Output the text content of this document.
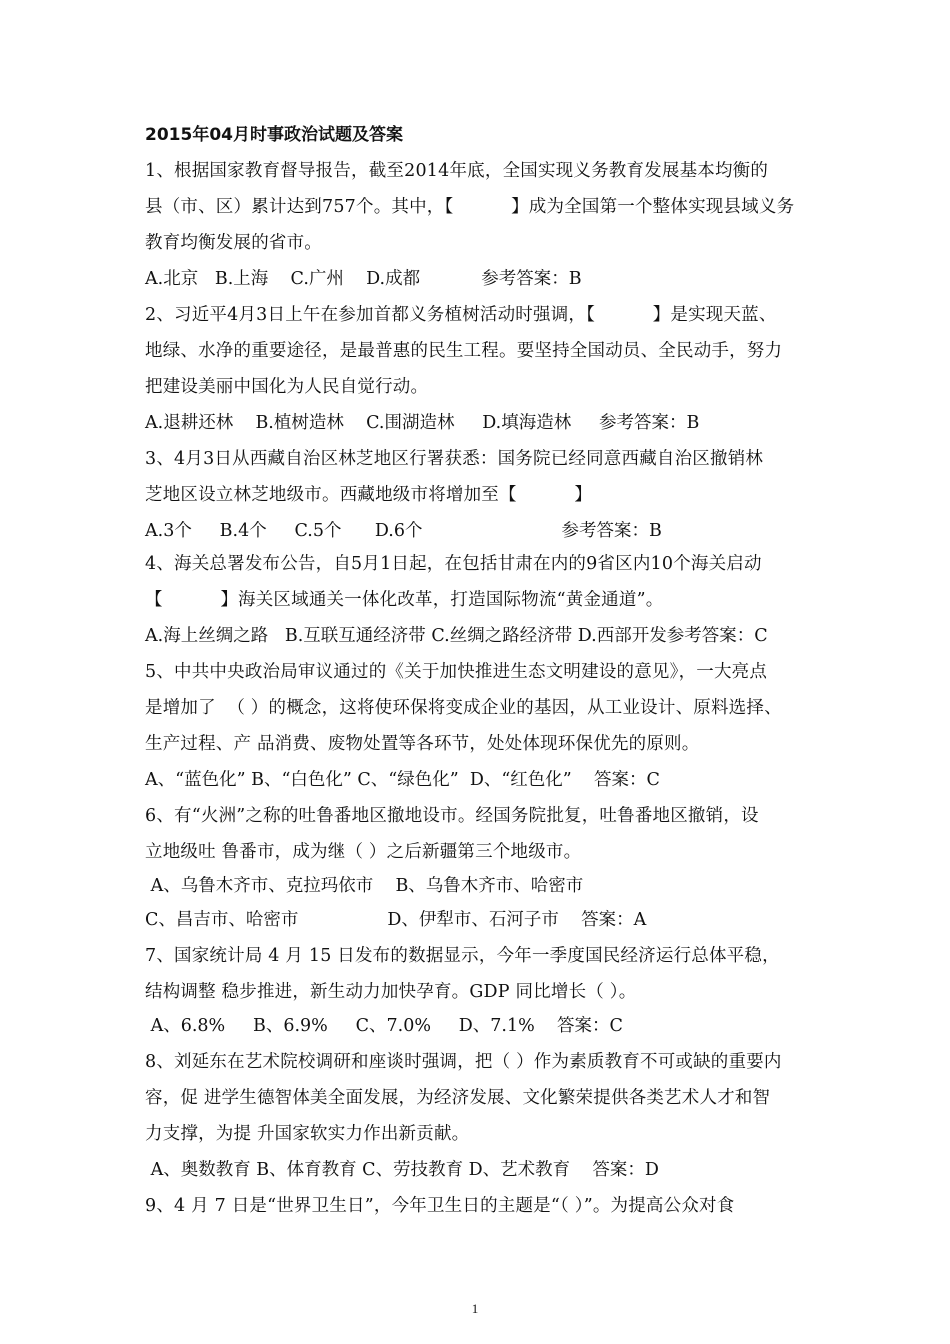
2015年04月时事政治试题及答案
1、根据国家教育督导报告，截至2014年底，全国实现义务教育发展基本均衡的
县（市、区）累计达到757个。其中，【          】成为全国第一个整体实现县域义务
教育均衡发展的省市。
A.北京   B.上海    C.广州    D.成都           参考答案：B
2、习近平4月3日上午在参加首都义务植树活动时强调，【          】是实现天蓝、
地绿、水净的重要途径，是最普惠的民生工程。要坚持全国动员、全民动手，努力
把建设美丽中国化为人民自觉行动。
A.退耕还林    B.植树造林    C.围湖造林     D.填海造林     参考答案：B
3、4月3日从西藏自治区林芝地区行署获悉：国务院已经同意西藏自治区撤销林
芝地区设立林芝地级市。西藏地级市将增加至【          】
A.3个     B.4个     C.5个      D.6个                         参考答案：B
4、海关总署发布公告，自5月1日起，在包括甘肃在内的9省区内10个海关启动
【          】海关区域通关一体化改革，打造国际物流“黄金通道”。
A.海上丝绸之路   B.互联互通经济带 C.丝绸之路经济带 D.西部开发参考答案：C
5、中共中央政治局审议通过的《关于加快推进生态文明建设的意见》，一大亮点
是增加了  （ ）的概念，这将使环保将变成企业的基因，从工业设计、原料选择、
生产过程、产 品消费、废物处置等各环节，处处体现环保优先的原则。
A、“蓝色化” B、“白色化” C、“绿色化”  D、“红色化”    答案：C
6、有“火洲”之称的吐鲁番地区撤地设市。经国务院批复，吐鲁番地区撤销，设
立地级吐 鲁番市，成为继（ ）之后新疆第三个地级市。
A、乌鲁木齐市、克拉玛依市    B、乌鲁木齐市、哈密市
C、昌吉市、哈密市                D、伊犁市、石河子市    答案：A
7、国家统计局 4 月 15 日发布的数据显示，今年一季度国民经济运行总体平稳，
结构调整 稳步推进，新生动力加快孕育。GDP 同比增长（ ）。
A、6.8%     B、6.9%     C、7.0%     D、7.1%    答案：C
8、刘延东在艺术院校调研和座谈时强调，把（ ）作为素质教育不可或缺的重要内
容，促 进学生德智体美全面发展，为经济发展、文化繁荣提供各类艺术人才和智
力支撑，为提 升国家软实力作出新贡献。
A、奥数教育 B、体育教育 C、劳技教育 D、艺术教育    答案：D
9、4 月 7 日是“世界卫生日”，今年卫生日的主题是“（ ）”。为提高公众对食
1
